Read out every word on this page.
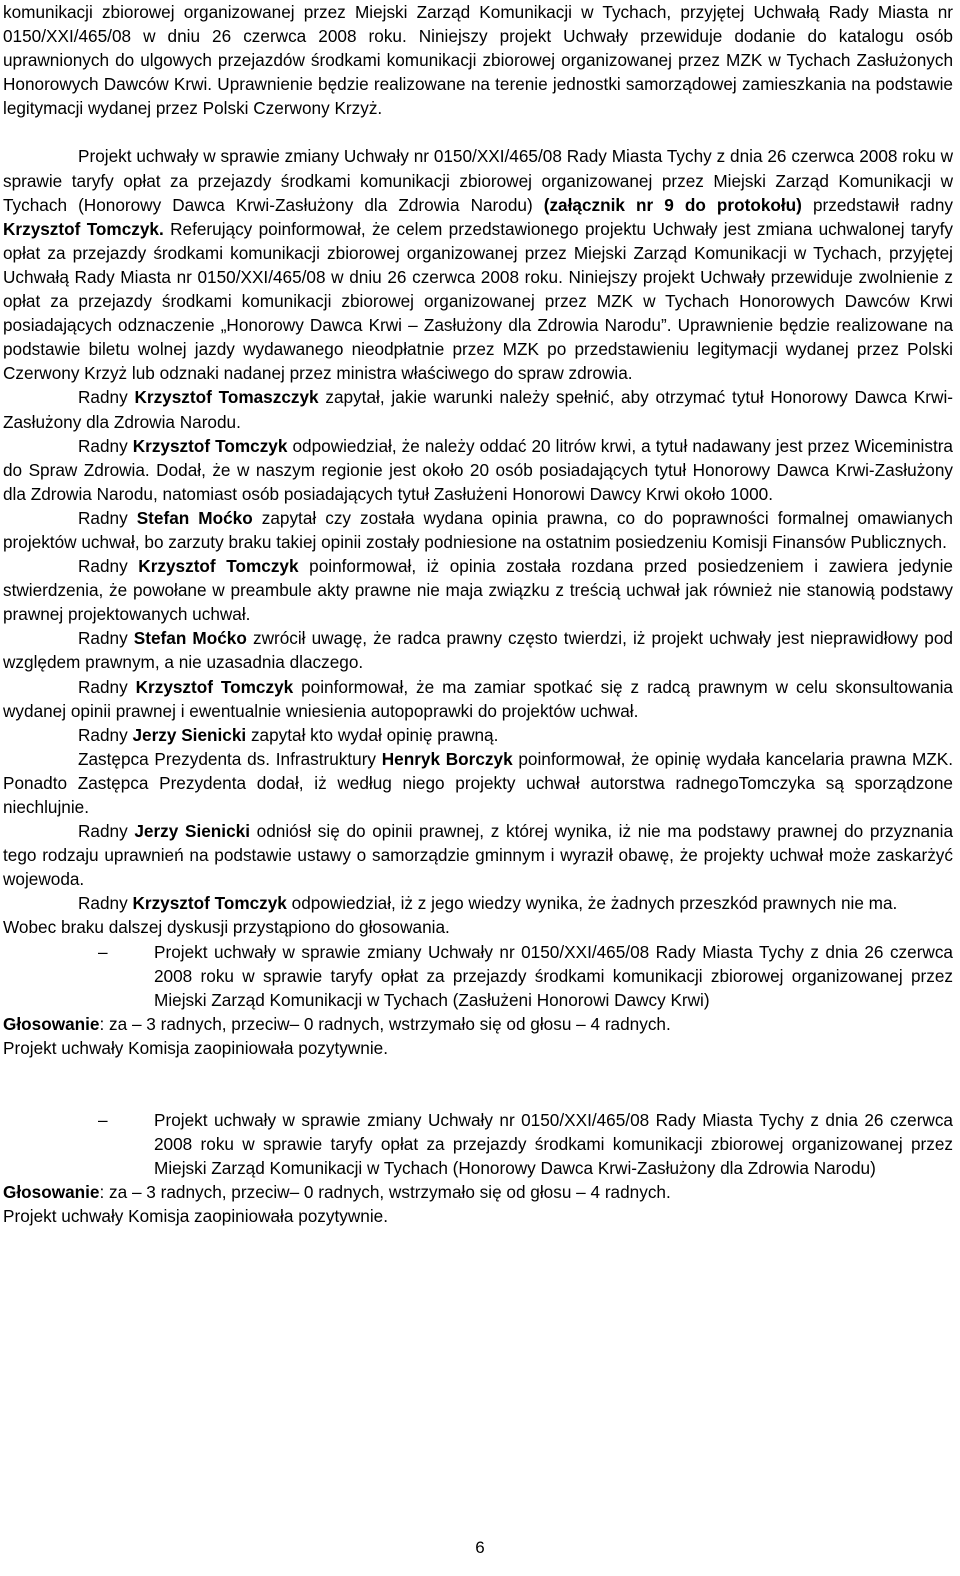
komunikacji zbiorowej organizowanej przez Miejski Zarząd Komunikacji w Tychach, przyjętej Uchwałą Rady Miasta nr 0150/XXI/465/08 w dniu 26 czerwca 2008 roku. Niniejszy projekt Uchwały przewiduje dodanie do katalogu osób uprawnionych do ulgowych przejazdów środkami komunikacji zbiorowej organizowanej przez MZK w Tychach Zasłużonych Honorowych Dawców Krwi. Uprawnienie będzie realizowane na terenie jednostki samorządowej zamieszkania na podstawie legitymacji wydanej przez Polski Czerwony Krzyż.

Projekt uchwały w sprawie zmiany Uchwały nr 0150/XXI/465/08 Rady Miasta Tychy z dnia 26 czerwca 2008 roku w sprawie taryfy opłat za przejazdy środkami komunikacji zbiorowej organizowanej przez Miejski Zarząd Komunikacji w Tychach (Honorowy Dawca Krwi-Zasłużony dla Zdrowia Narodu) (załącznik nr 9 do protokołu) przedstawił radny Krzysztof Tomczyk. Referujący poinformował, że celem przedstawionego projektu Uchwały jest zmiana uchwalonej taryfy opłat za przejazdy środkami komunikacji zbiorowej organizowanej przez Miejski Zarząd Komunikacji w Tychach, przyjętej Uchwałą Rady Miasta nr 0150/XXI/465/08 w dniu 26 czerwca 2008 roku. Niniejszy projekt Uchwały przewiduje zwolnienie z opłat za przejazdy środkami komunikacji zbiorowej organizowanej przez MZK w Tychach Honorowych Dawców Krwi posiadających odznaczenie „Honorowy Dawca Krwi – Zasłużony dla Zdrowia Narodu”. Uprawnienie będzie realizowane na podstawie biletu wolnej jazdy wydawanego nieodpłatnie przez MZK po przedstawieniu legitymacji wydanej przez Polski Czerwony Krzyż lub odznaki nadanej przez ministra właściwego do spraw zdrowia.

Radny Krzysztof Tomaszczyk zapytał, jakie warunki należy spełnić, aby otrzymać tytuł Honorowy Dawca Krwi-Zasłużony dla Zdrowia Narodu.

Radny Krzysztof Tomczyk odpowiedział, że należy oddać 20 litrów krwi, a tytuł nadawany jest przez Wiceministra do Spraw Zdrowia. Dodał, że w naszym regionie jest około 20 osób posiadających tytuł Honorowy Dawca Krwi-Zasłużony dla Zdrowia Narodu, natomiast osób posiadających tytuł Zasłużeni Honorowi Dawcy Krwi około 1000.

Radny Stefan Moćko zapytał czy została wydana opinia prawna, co do poprawności formalnej omawianych projektów uchwał, bo zarzuty braku takiej opinii zostały podniesione na ostatnim posiedzeniu Komisji Finansów Publicznych.

Radny Krzysztof Tomczyk poinformował, iż opinia została rozdana przed posiedzeniem i zawiera jedynie stwierdzenia, że powołane w preambule akty prawne nie maja związku z treścią uchwał jak również nie stanowią podstawy prawnej projektowanych uchwał.

Radny Stefan Moćko zwrócił uwagę, że radca prawny często twierdzi, iż projekt uchwały jest nieprawidłowy pod względem prawnym, a nie uzasadnia dlaczego.

Radny Krzysztof Tomczyk poinformował, że ma zamiar spotkać się z radcą prawnym w celu skonsultowania wydanej opinii prawnej i ewentualnie wniesienia autopoprawki do projektów uchwał.

Radny Jerzy Sienicki zapytał kto wydał opinię prawną.

Zastępca Prezydenta ds. Infrastruktury Henryk Borczyk poinformował, że opinię wydała kancelaria prawna MZK. Ponadto Zastępca Prezydenta dodał, iż według niego projekty uchwał autorstwa radnegoTomczyka są sporządzone niechlujnie.

Radny Jerzy Sienicki odniósł się do opinii prawnej, z której wynika, iż nie ma podstawy prawnej do przyznania tego rodzaju uprawnień na podstawie ustawy o samorządzie gminnym i wyraził obawę, że projekty uchwał może zaskarżyć wojewoda.

Radny Krzysztof Tomczyk odpowiedział, iż z jego wiedzy wynika, że żadnych przeszkód prawnych nie ma.

Wobec braku dalszej dyskusji przystąpiono do głosowania.

–	Projekt uchwały w sprawie zmiany Uchwały nr 0150/XXI/465/08 Rady Miasta Tychy z dnia 26 czerwca 2008 roku w sprawie taryfy opłat za przejazdy środkami komunikacji zbiorowej organizowanej przez Miejski Zarząd Komunikacji w Tychach (Zasłużeni Honorowi Dawcy Krwi)

Głosowanie: za – 3 radnych, przeciw– 0 radnych, wstrzymało się od głosu – 4 radnych.

Projekt uchwały Komisja zaopiniowała pozytywnie.

–	Projekt uchwały w sprawie zmiany Uchwały nr 0150/XXI/465/08 Rady Miasta Tychy z dnia 26 czerwca 2008 roku w sprawie taryfy opłat za przejazdy środkami komunikacji zbiorowej organizowanej przez Miejski Zarząd Komunikacji w Tychach (Honorowy Dawca Krwi-Zasłużony dla Zdrowia Narodu)

Głosowanie: za – 3 radnych, przeciw– 0 radnych, wstrzymało się od głosu – 4 radnych.

Projekt uchwały Komisja zaopiniowała pozytywnie.

6
